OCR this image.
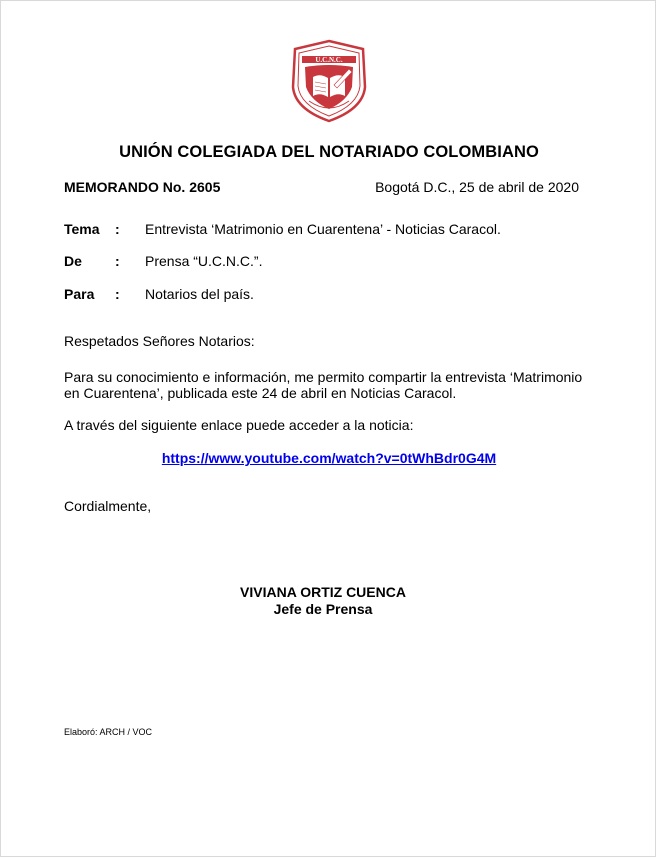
U.C.N.C.
UNIÓN COLEGIADA DEL NOTARIADO COLOMBIANO
MEMORANDO No. 2605	Bogotá D.C., 25 de abril de 2020
Tema : Entrevista ‘Matrimonio en Cuarentena’ - Noticias Caracol.
De : Prensa “U.C.N.C.”.
Para : Notarios del país.
Respetados Señores Notarios:
Para su conocimiento e información, me permito compartir la entrevista ‘Matrimonio
en Cuarentena’, publicada este 24 de abril en Noticias Caracol.
A través del siguiente enlace puede acceder a la noticia:
https://www.youtube.com/watch?v=0tWhBdr0G4M
Cordialmente,
VIVIANA ORTIZ CUENCA
Jefe de Prensa
Elaboró: ARCH / VOC
